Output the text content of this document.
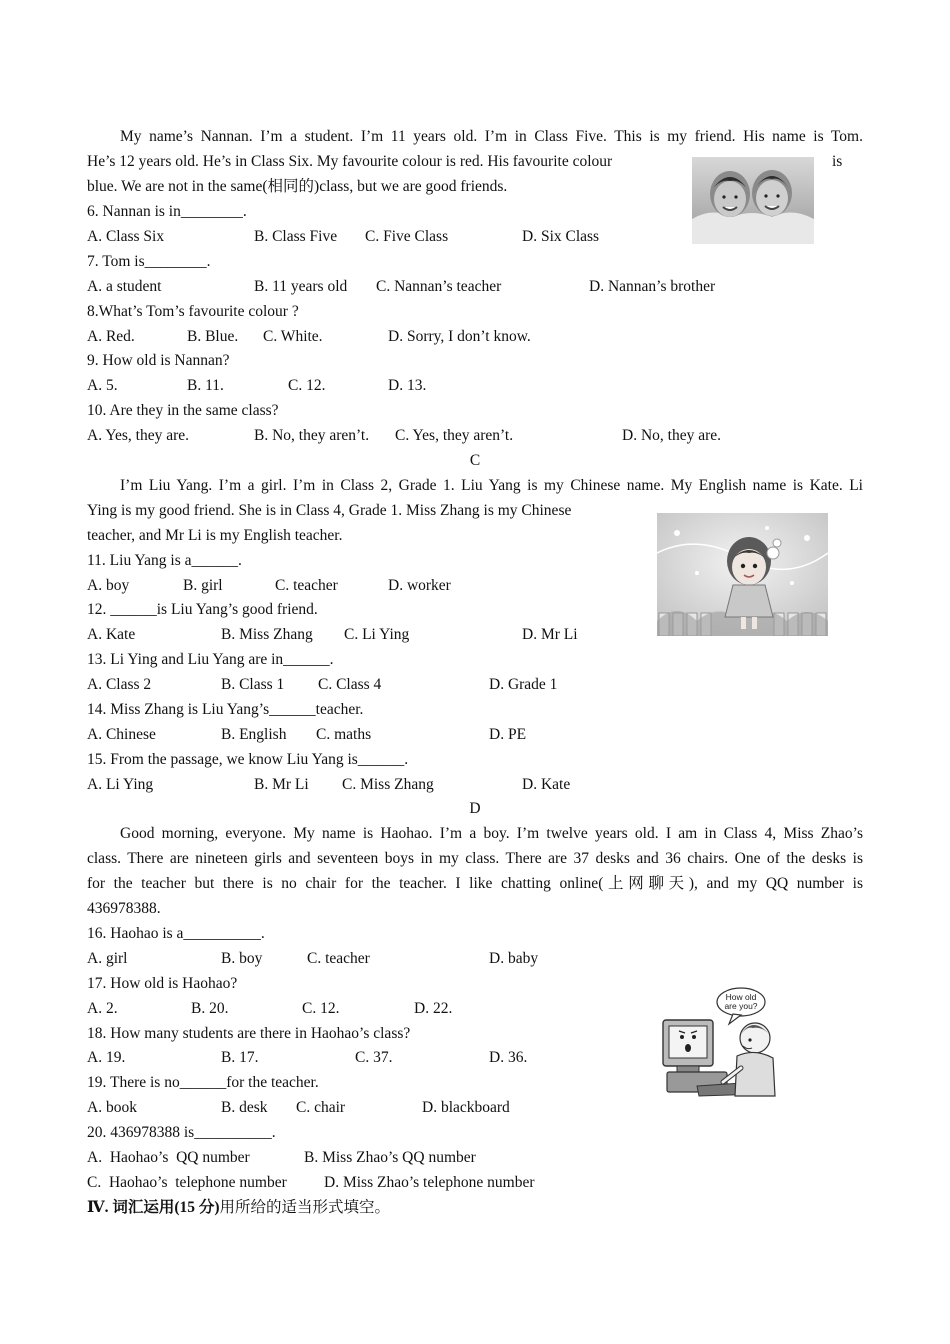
My name’s Nannan. I’m a student. I’m 11 years old. I’m in Class Five. This is my friend. His name is Tom.
He’s 12 years old. He’s in Class Six. My favourite colour is red. His favourite colour	is
blue. We are not in the same(相同的)class, but we are good friends.
6. Nannan is in________.
A. Class Six	B. Class Five C. Five Class	D. Six Class
7. Tom is________.
A. a student	B. 11 years old C. Nannan’s teacher	D. Nannan’s brother
8.What’s Tom’s favourite colour ?
A. Red.	B. Blue. C. White.	D. Sorry, I don’t know.
9. How old is Nannan?
A. 5.	B. 11.	C. 12.	D. 13.
10. Are they in the same class?
A. Yes, they are.	B. No, they aren’t. C. Yes, they aren’t.	D. No, they are.
C
I’m Liu Yang. I’m a girl. I’m in Class 2, Grade 1. Liu Yang is my Chinese name. My English name is Kate. Li
Ying is my good friend. She is in Class 4, Grade 1. Miss Zhang is my Chinese
teacher, and Mr Li is my English teacher.
11. Liu Yang is a______.
A. boy	B. girl	C. teacher	D. worker
12. ______is Liu Yang’s good friend.
A. Kate	B. Miss Zhang C. Li Ying	D. Mr Li
13. Li Ying and Liu Yang are in______.
A. Class 2	B. Class 1 C. Class 4	D. Grade 1
14. Miss Zhang is Liu Yang’s______teacher.
A. Chinese	B. English C. maths	D. PE
15. From the passage, we know Liu Yang is______.
A. Li Ying	B. Mr Li C. Miss Zhang	D. Kate
D
Good morning, everyone. My name is Haohao. I’m a boy. I’m twelve years old. I am in Class 4, Miss Zhao’s
class. There are nineteen girls and seventeen boys in my class. There are 37 desks and 36 chairs. One of the desks is
for the teacher but there is no chair for the teacher. I like chatting online(上网聊天), and my QQ number is
436978388.
16. Haohao is a__________.
A. girl	B. boy	C. teacher	D. baby
17. How old is Haohao?
A. 2.	B. 20.	C. 12.	D. 22.
How old
are you?
18. How many students are there in Haohao’s class?
A. 19.	B. 17.	C. 37.	D. 36.
19. There is no______for the teacher.
A. book	B. desk C. chair	D. blackboard
20. 436978388 is__________.
A.  Haohao’s  QQ number	B. Miss Zhao’s QQ number
C.  Haohao’s  telephone number D. Miss Zhao’s telephone number
Ⅳ. 词汇运用(15 分)用所给的适当形式填空。
